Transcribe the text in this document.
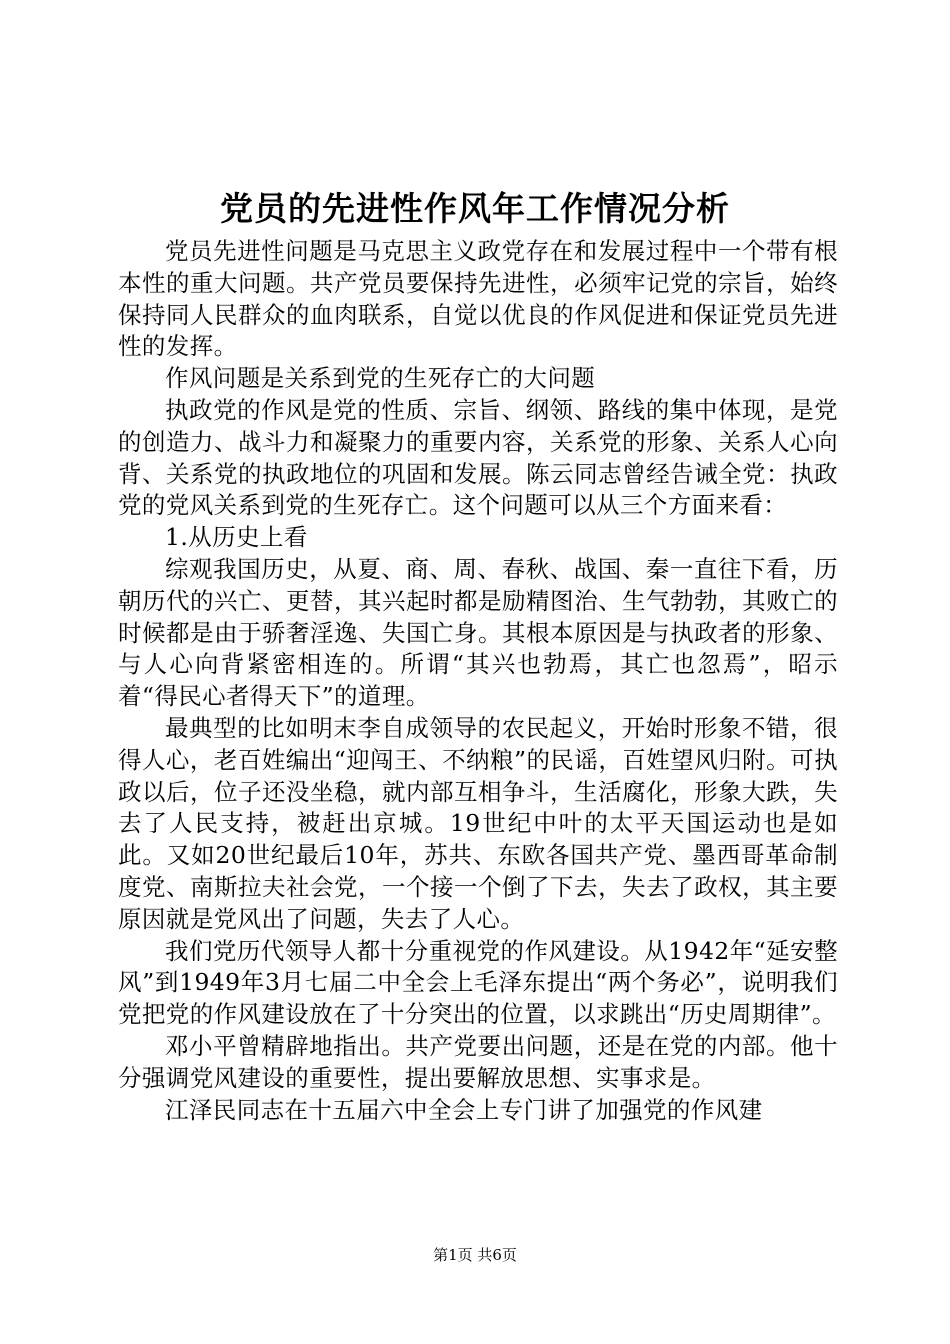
党员的先进性作风年工作情况分析

党员先进性问题是马克思主义政党存在和发展过程中一个带有根本性的重大问题。共产党员要保持先进性，必须牢记党的宗旨，始终保持同人民群众的血肉联系，自觉以优良的作风促进和保证党员先进性的发挥。

作风问题是关系到党的生死存亡的大问题

执政党的作风是党的性质、宗旨、纲领、路线的集中体现，是党的创造力、战斗力和凝聚力的重要内容，关系党的形象、关系人心向背、关系党的执政地位的巩固和发展。陈云同志曾经告诫全党：执政党的党风关系到党的生死存亡。这个问题可以从三个方面来看：

1.从历史上看

综观我国历史，从夏、商、周、春秋、战国、秦一直往下看，历朝历代的兴亡、更替，其兴起时都是励精图治、生气勃勃，其败亡的时候都是由于骄奢淫逸、失国亡身。其根本原因是与执政者的形象、与人心向背紧密相连的。所谓“其兴也勃焉，其亡也忽焉”，昭示着“得民心者得天下”的道理。

最典型的比如明末李自成领导的农民起义，开始时形象不错，很得人心，老百姓编出“迎闯王、不纳粮”的民谣，百姓望风归附。可执政以后，位子还没坐稳，就内部互相争斗，生活腐化，形象大跌，失去了人民支持，被赶出京城。19世纪中叶的太平天国运动也是如此。又如20世纪最后10年，苏共、东欧各国共产党、墨西哥革命制度党、南斯拉夫社会党，一个接一个倒了下去，失去了政权，其主要原因就是党风出了问题，失去了人心。

我们党历代领导人都十分重视党的作风建设。从1942年“延安整风”到1949年3月七届二中全会上毛泽东提出“两个务必”，说明我们党把党的作风建设放在了十分突出的位置，以求跳出“历史周期律”。

邓小平曾精辟地指出。共产党要出问题，还是在党的内部。他十分强调党风建设的重要性，提出要解放思想、实事求是。

江泽民同志在十五届六中全会上专门讲了加强党的作风建

第1页 共6页
